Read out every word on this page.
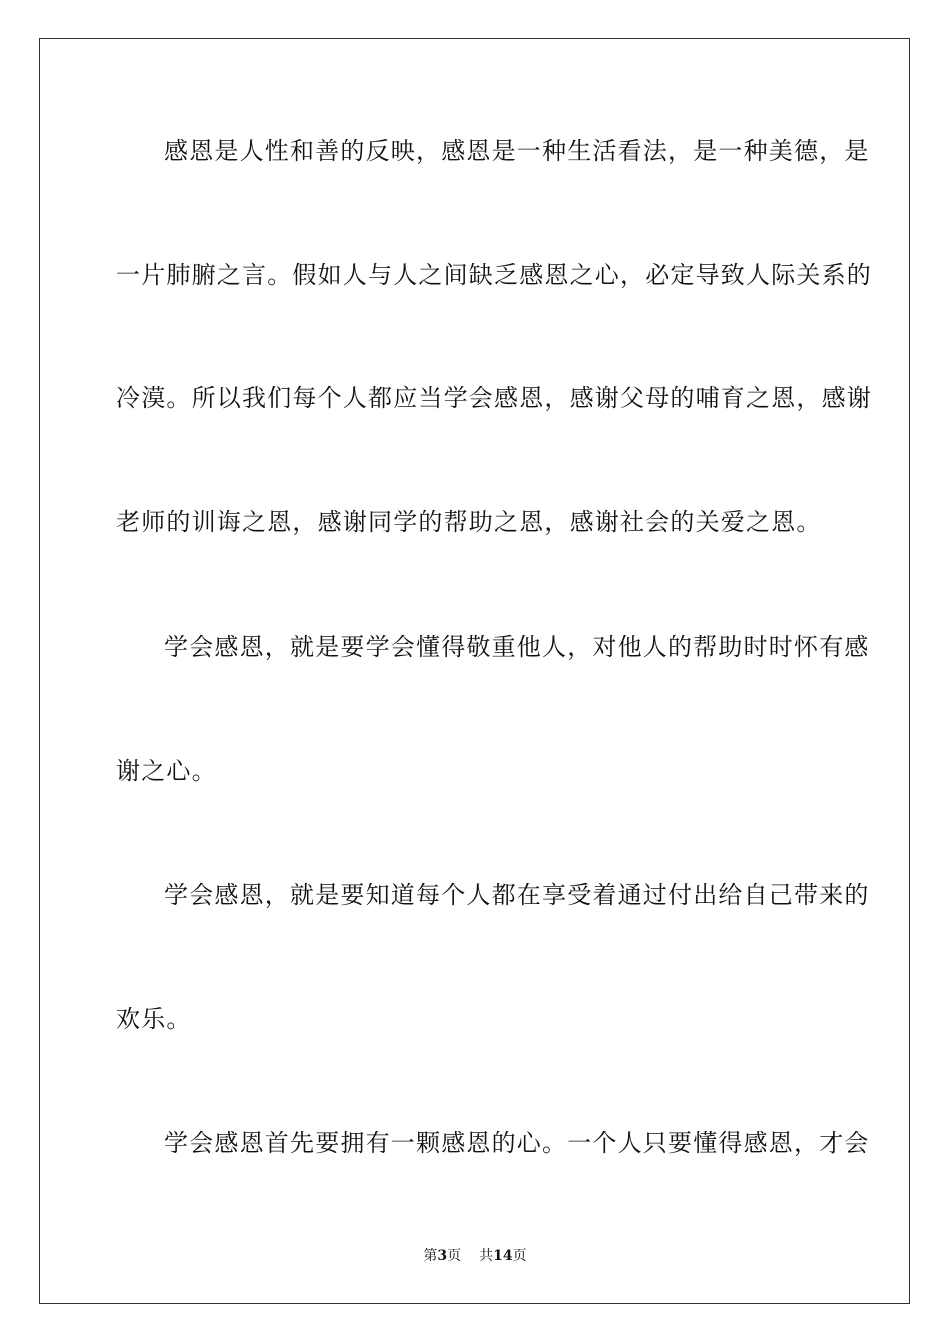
感恩是人性和善的反映，感恩是一种生活看法，是一种美德，是
一片肺腑之言。假如人与人之间缺乏感恩之心，必定导致人际关系的
冷漠。所以我们每个人都应当学会感恩，感谢父母的哺育之恩，感谢
老师的训诲之恩，感谢同学的帮助之恩，感谢社会的关爱之恩。
学会感恩，就是要学会懂得敬重他人，对他人的帮助时时怀有感
谢之心。
学会感恩，就是要知道每个人都在享受着通过付出给自己带来的
欢乐。
学会感恩首先要拥有一颗感恩的心。一个人只要懂得感恩，才会
第3页 共14页
